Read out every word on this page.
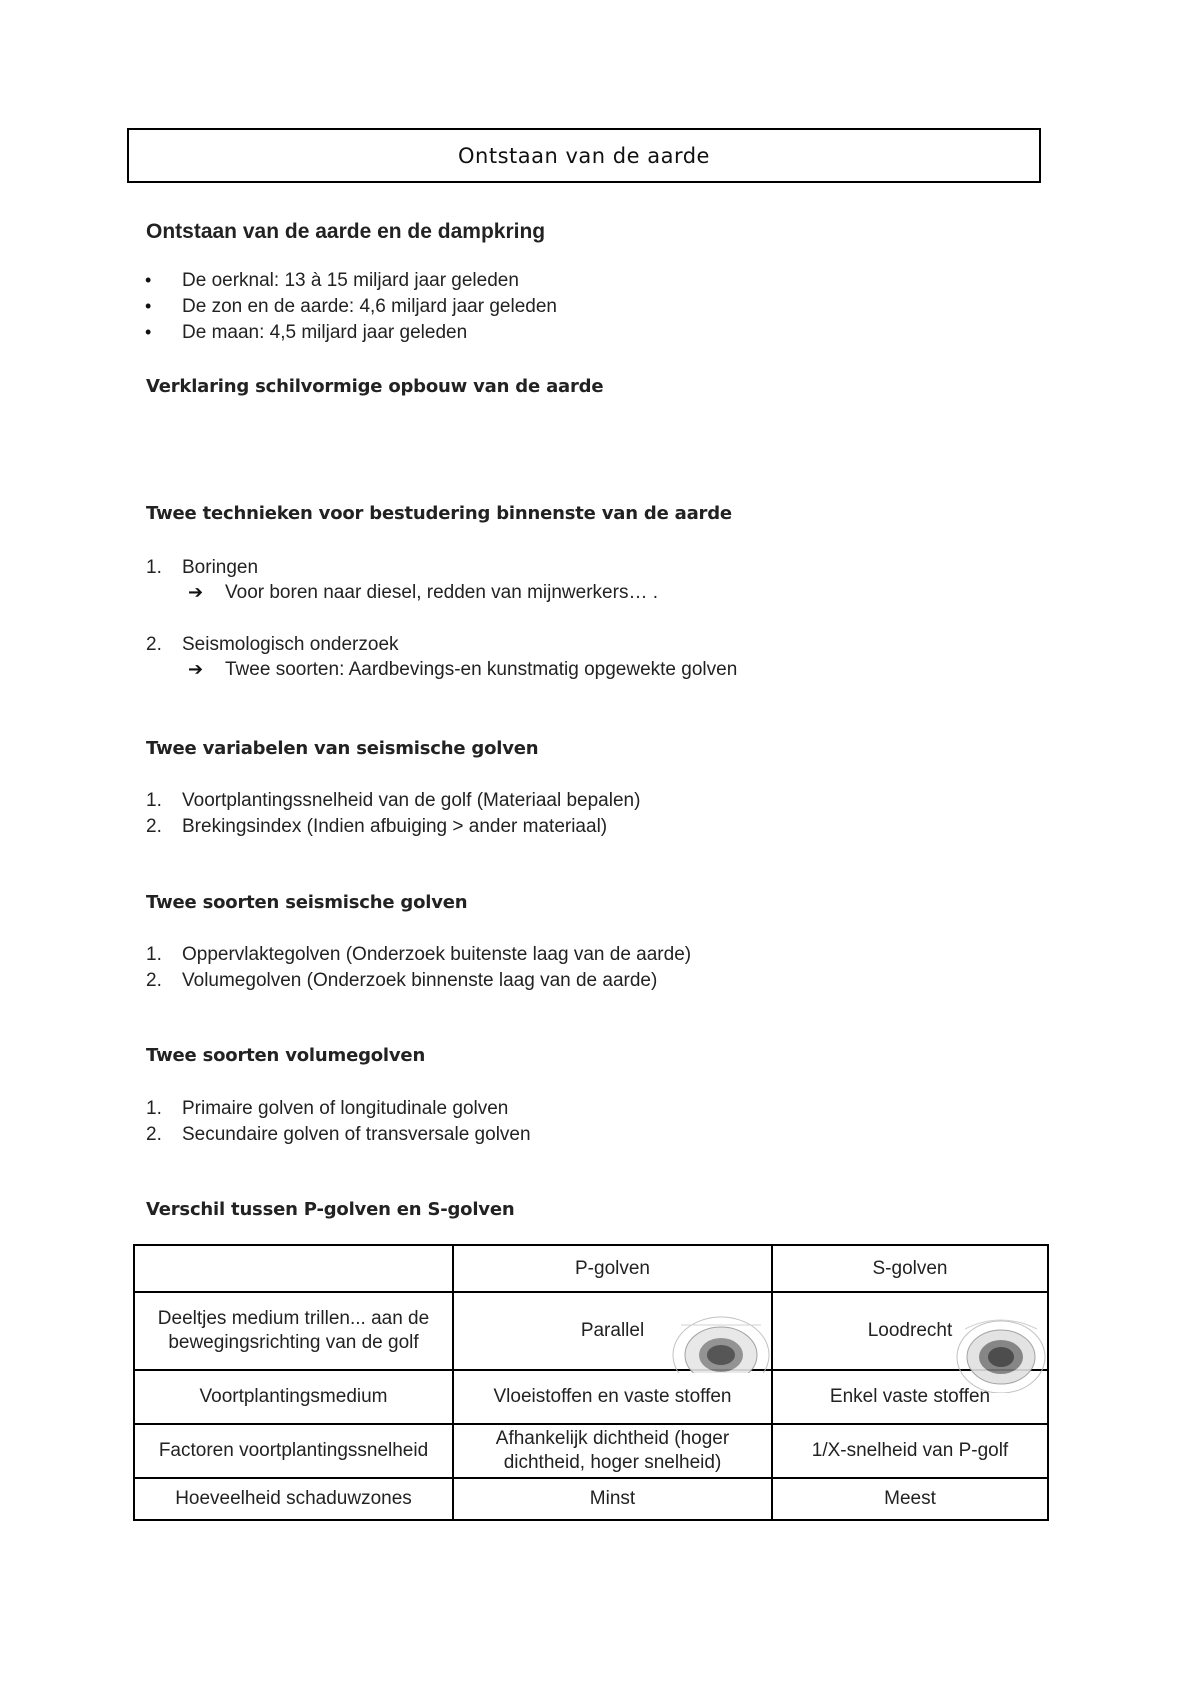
Ontstaan van de aarde
Ontstaan van de aarde en de dampkring
• De oerknal: 13 à 15 miljard jaar geleden
• De zon en de aarde: 4,6 miljard jaar geleden
• De maan: 4,5 miljard jaar geleden
Verklaring schilvormige opbouw van de aarde
Twee technieken voor bestudering binnenste van de aarde
1. Boringen
➔ Voor boren naar diesel, redden van mijnwerkers… .
2. Seismologisch onderzoek
➔ Twee soorten: Aardbevings-en kunstmatig opgewekte golven
Twee variabelen van seismische golven
1. Voortplantingssnelheid van de golf (Materiaal bepalen)
2. Brekingsindex (Indien afbuiging > ander materiaal)
Twee soorten seismische golven
1. Oppervlaktegolven (Onderzoek buitenste laag van de aarde)
2. Volumegolven (Onderzoek binnenste laag van de aarde)
Twee soorten volumegolven
1. Primaire golven of longitudinale golven
2. Secundaire golven of transversale golven
Verschil tussen P-golven en S-golven
	P-golven	S-golven
Deeltjes medium trillen... aan de bewegingsrichting van de golf	Parallel	Loodrecht

Voortplantingsmedium	Vloeistoffen en vaste stoffen	Enkel vaste stoffen
Factoren voortplantingssnelheid	Afhankelijk dichtheid (hoger dichtheid, hoger snelheid)	1/X-snelheid van P-golf
Hoeveelheid schaduwzones	Minst	Meest
